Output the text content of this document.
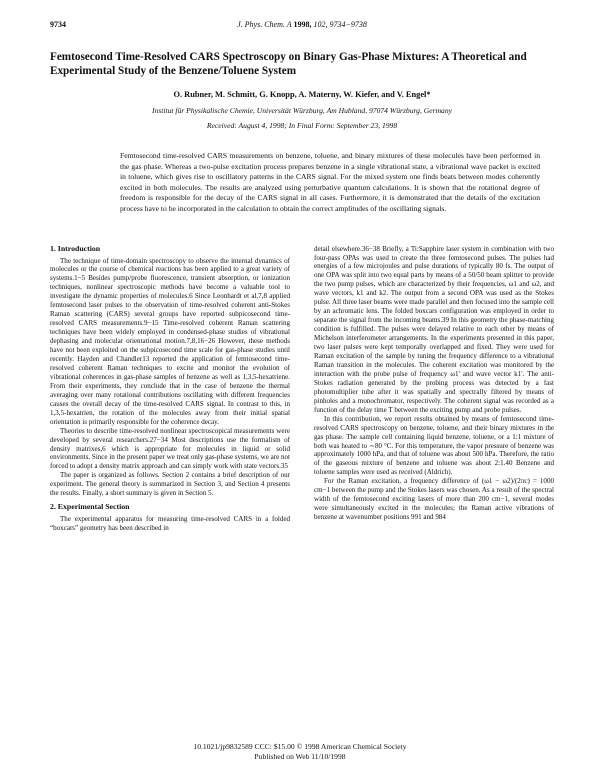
9734	J. Phys. Chem. A 1998, 102, 9734−9738
Femtosecond Time-Resolved CARS Spectroscopy on Binary Gas-Phase Mixtures: A Theoretical and Experimental Study of the Benzene/Toluene System
O. Rubner, M. Schmitt, G. Knopp, A. Materny, W. Kiefer, and V. Engel*
Institut für Physikalische Chemie, Universität Würzburg, Am Hubland, 97074 Würzburg, Germany
Received: August 4, 1998; In Final Form: September 23, 1998
Femtosecond time-resolved CARS measurements on benzene, toluene, and binary mixtures of these molecules have been performed in the gas phase. Whereas a two-pulse excitation process prepares benzene in a single vibrational state, a vibrational wave packet is excited in toluene, which gives rise to oscillatory patterns in the CARS signal. For the mixed system one finds beats between modes coherently excited in both molecules. The results are analyzed using perturbative quantum calculations. It is shown that the rotational degree of freedom is responsible for the decay of the CARS signal in all cases. Furthermore, it is demonstrated that the details of the excitation process have to be incorporated in the calculation to obtain the correct amplitudes of the oscillating signals.
1. Introduction

The technique of time-domain spectroscopy to observe the internal dynamics of molecules or the course of chemical reactions has been applied to a great variety of systems.1−5 Besides pump/probe fluorescence, transient absorption, or ionization techniques, nonlinear spectroscopic methods have become a valuable tool to investigate the dynamic properties of molecules.6 Since Leonhardt et al.7,8 applied femtosecond laser pulses to the observation of time-resolved coherent anti-Stokes Raman scattering (CARS) several groups have reported subpicosecond time-resolved CARS measurements.9−15 Time-resolved coherent Raman scattering techniques have been widely employed in condensed-phase studies of vibrational dephasing and molecular orientational motion.7,8,16−26 However, these methods have not been exploited on the subpicosecond time scale for gas-phase studies until recently. Hayden and Chandler13 reported the application of femtosecond time-resolved coherent Raman techniques to excite and monitor the evolution of vibrational coherences in gas-phase samples of benzene as well as 1,3,5-hexatriene. From their experiments, they conclude that in the case of benzene the thermal averaging over many rotational contributions oscillating with different frequencies causes the overall decay of the time-resolved CARS signal. In contrast to this, in 1,3,5-hexatrien, the rotation of the molecules away from their initial spatial orientation is primarily responsible for the coherence decay.

Theories to describe time-resolved nonlinear spectroscopical measurements were developed by several researchers.27−34 Most descriptions use the formalism of density matrixes,6 which is appropriate for molecules in liquid or solid environments. Since in the present paper we treat only gas-phase systems, we are not forced to adopt a density matrix approach and can simply work with state vectors.35

The paper is organized as follows. Section 2 contains a brief description of our experiment. The general theory is summarized in Section 3, and Section 4 presents the results. Finally, a short summary is given in Section 5.

2. Experimental Section

The experimental apparatus for measuring time-resolved CARS in a folded “boxcars” geometry has been described in

detail elsewhere.36−38 Briefly, a Ti:Sapphire laser system in combination with two four-pass OPAs was used to create the three femtosecond pulses. The pulses had energies of a few microjoules and pulse durations of typically 80 fs. The output of one OPA was split into two equal parts by means of a 50/50 beam splitter to provide the two pump pulses, which are characterized by their frequencies, ω1 and ω2, and wave vectors, k1 and k2. The output from a second OPA was used as the Stokes pulse. All three laser beams were made parallel and then focused into the sample cell by an achromatic lens. The folded boxcars configuration was employed in order to separate the signal from the incoming beams.39 In this geometry the phase-matching condition is fulfilled. The pulses were delayed relative to each other by means of Michelson interferometer arrangements. In the experiments presented in this paper, two laser pulses were kept temporally overlapped and fixed. They were used for Raman excitation of the sample by tuning the frequency difference to a vibrational Raman transition in the molecules. The coherent excitation was monitored by the interaction with the probe pulse of frequency ω1′ and wave vector k1′. The anti-Stokes radiation generated by the probing process was detected by a fast photomultiplier tube after it was spatially and spectrally filtered by means of pinholes and a monochromator, respectively. The coherent signal was recorded as a function of the delay time T between the exciting pump and probe pulses.

In this contribution, we report results obtained by means of femtosecond time-resolved CARS spectroscopy on benzene, toluene, and their binary mixtures in the gas phase. The sample cell containing liquid benzene, toluene, or a 1:1 mixture of both was heated to ∼80 °C. For this temperature, the vapor pressure of benzene was approximately 1000 hPa, and that of toluene was about 500 hPa. Therefore, the ratio of the gaseous mixture of benzene and toluene was about 2:1.40 Benzene and toluene samples were used as received (Aldrich).

For the Raman excitation, a frequency difference of (ω1 − ω2)/(2πc) = 1000 cm−1 between the pump and the Stokes lasers was chosen. As a result of the spectral width of the femtosecond exciting lasers of more than 200 cm−1, several modes were simultaneously excited in the molecules; the Raman active vibrations of benzene at wavenumber positions 991 and 984

10.1021/jp9832589 CCC: $15.00 © 1998 American Chemical Society
Published on Web 11/10/1998
